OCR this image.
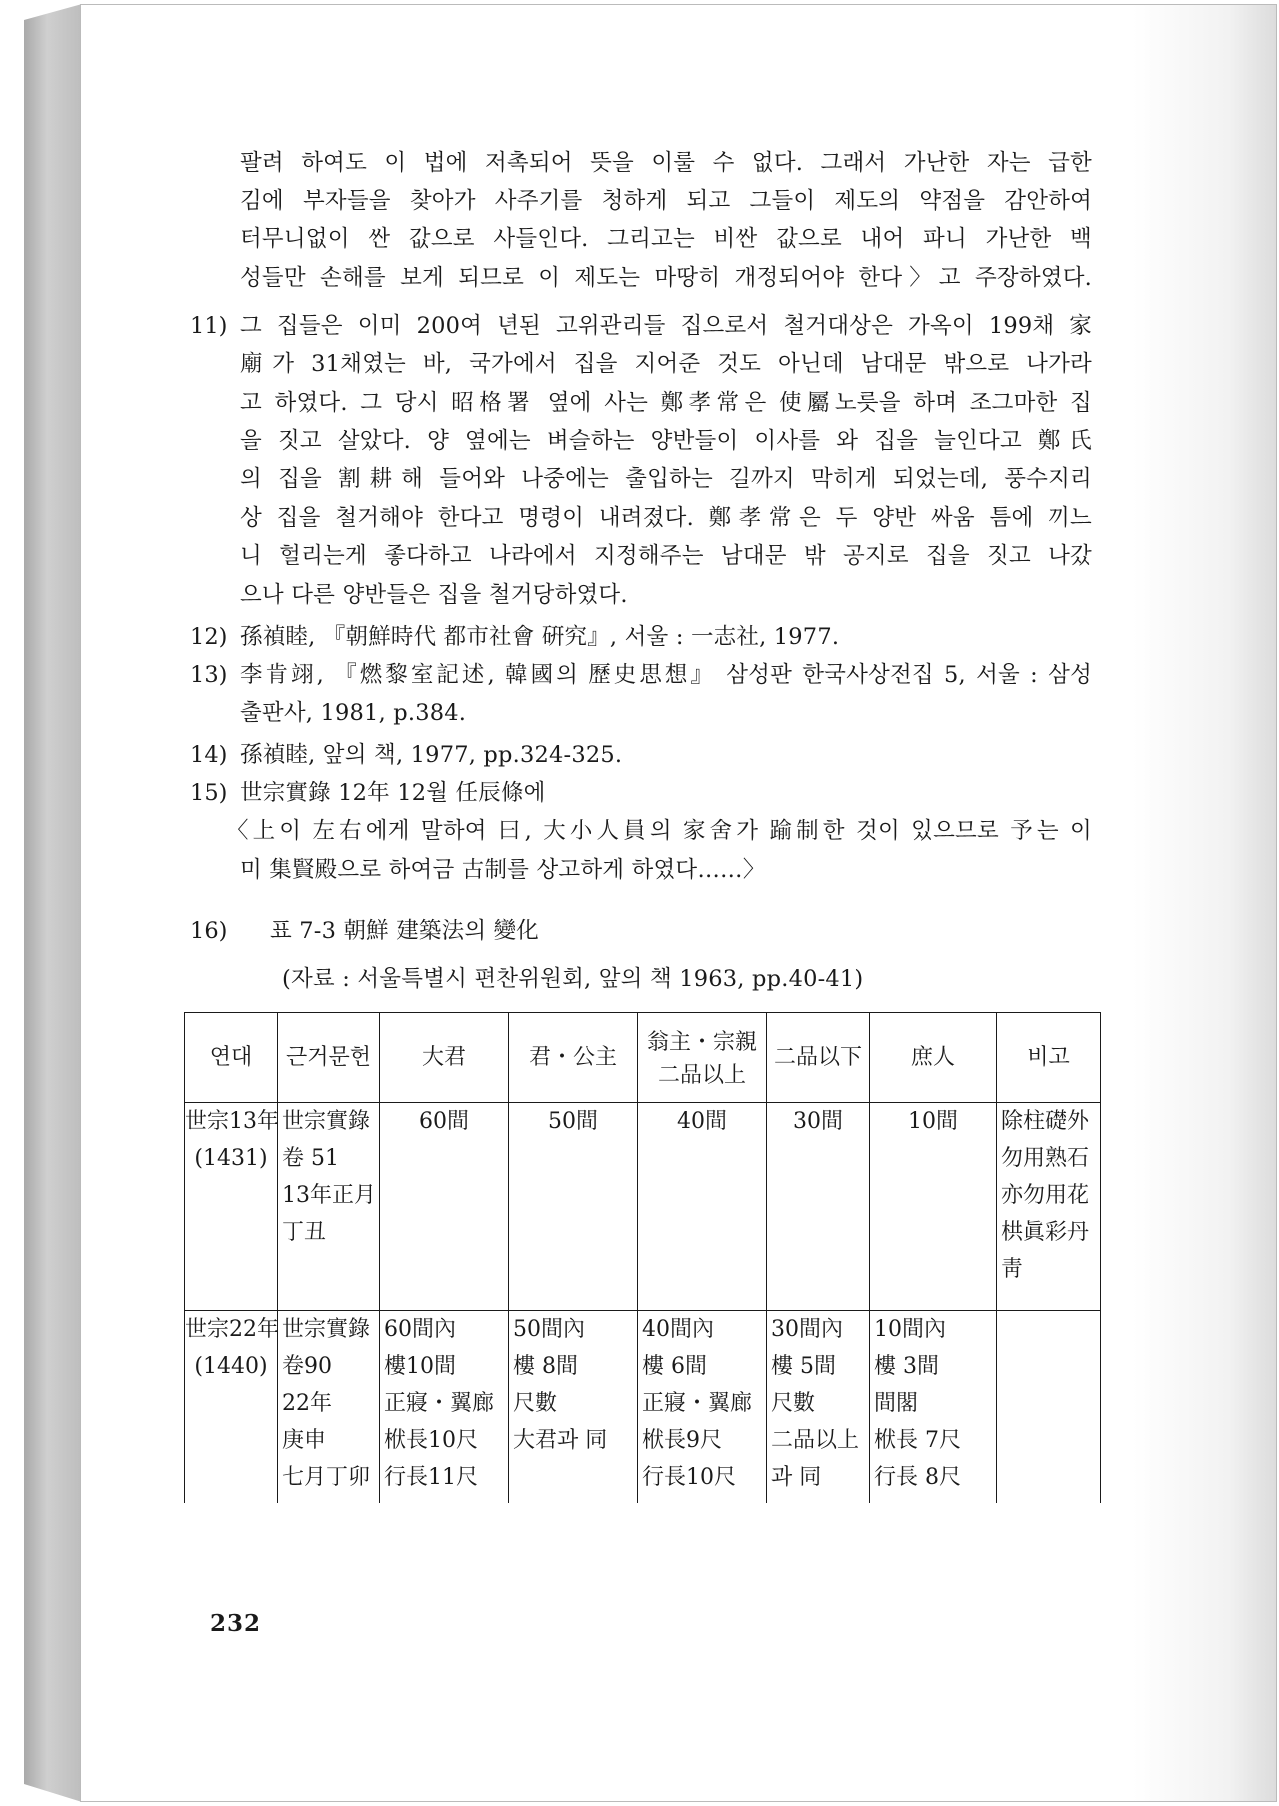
팔려 하여도 이 법에 저촉되어 뜻을 이룰 수 없다. 그래서 가난한 자는 급한
김에 부자들을 찾아가 사주기를 청하게 되고 그들이 제도의 약점을 감안하여
터무니없이 싼 값으로 사들인다. 그리고는 비싼 값으로 내어 파니 가난한 백
성들만 손해를 보게 되므로 이 제도는 마땅히 개정되어야 한다〉고 주장하였다.
11) 그 집들은 이미 200여 년된 고위관리들 집으로서 철거대상은 가옥이 199채 家
廟가 31채였는 바, 국가에서 집을 지어준 것도 아닌데 남대문 밖으로 나가라
고 하였다. 그 당시 昭格署 옆에 사는 鄭孝常은 使屬노릇을 하며 조그마한 집
을 짓고 살았다. 양 옆에는 벼슬하는 양반들이 이사를 와 집을 늘인다고 鄭氏
의 집을 割耕해 들어와 나중에는 출입하는 길까지 막히게 되었는데, 풍수지리
상 집을 철거해야 한다고 명령이 내려졌다. 鄭孝常은 두 양반 싸움 틈에 끼느
니 헐리는게 좋다하고 나라에서 지정해주는 남대문 밖 공지로 집을 짓고 나갔
으나 다른 양반들은 집을 철거당하였다.
12) 孫禎睦, 『朝鮮時代 都市社會 硏究』, 서울 : 一志社, 1977.
13) 李肯翊, 『燃黎室記述, 韓國의 歷史思想』 삼성판 한국사상전집 5, 서울 : 삼성
출판사, 1981, p.384.
14) 孫禎睦, 앞의 책, 1977, pp.324-325.
15) 世宗實錄 12年 12월 任辰條에
〈上이 左右에게 말하여 曰, 大小人員의 家舍가 踰制한 것이 있으므로 予는 이
미 集賢殿으로 하여금 古制를 상고하게 하였다……〉
16) 표 7-3 朝鮮 建築法의 變化
(자료 : 서울특별시 편찬위원회, 앞의 책 1963, pp.40-41)
연대	근거문헌	大君	君・公主	翁主・宗親
二品以上	二品以下	庶人	비고

世宗13年
(1431)	世宗實錄
卷 51
13年正月
丁丑	60間	50間	40間	30間	10間	除柱礎外
勿用熟石
亦勿用花
栱眞彩丹
靑

世宗22年
(1440)	世宗實錄
卷90
22年
庚申
七月丁卯	60間內
樓10間
正寢・翼廊
栿長10尺
行長11尺	50間內
樓 8間
尺數
大君과 同	40間內
樓 6間
正寢・翼廊
栿長9尺
行長10尺	30間內
樓 5間
尺數
二品以上
과 同	10間內
樓 3間
間閣
栿長 7尺
行長 8尺	

232
